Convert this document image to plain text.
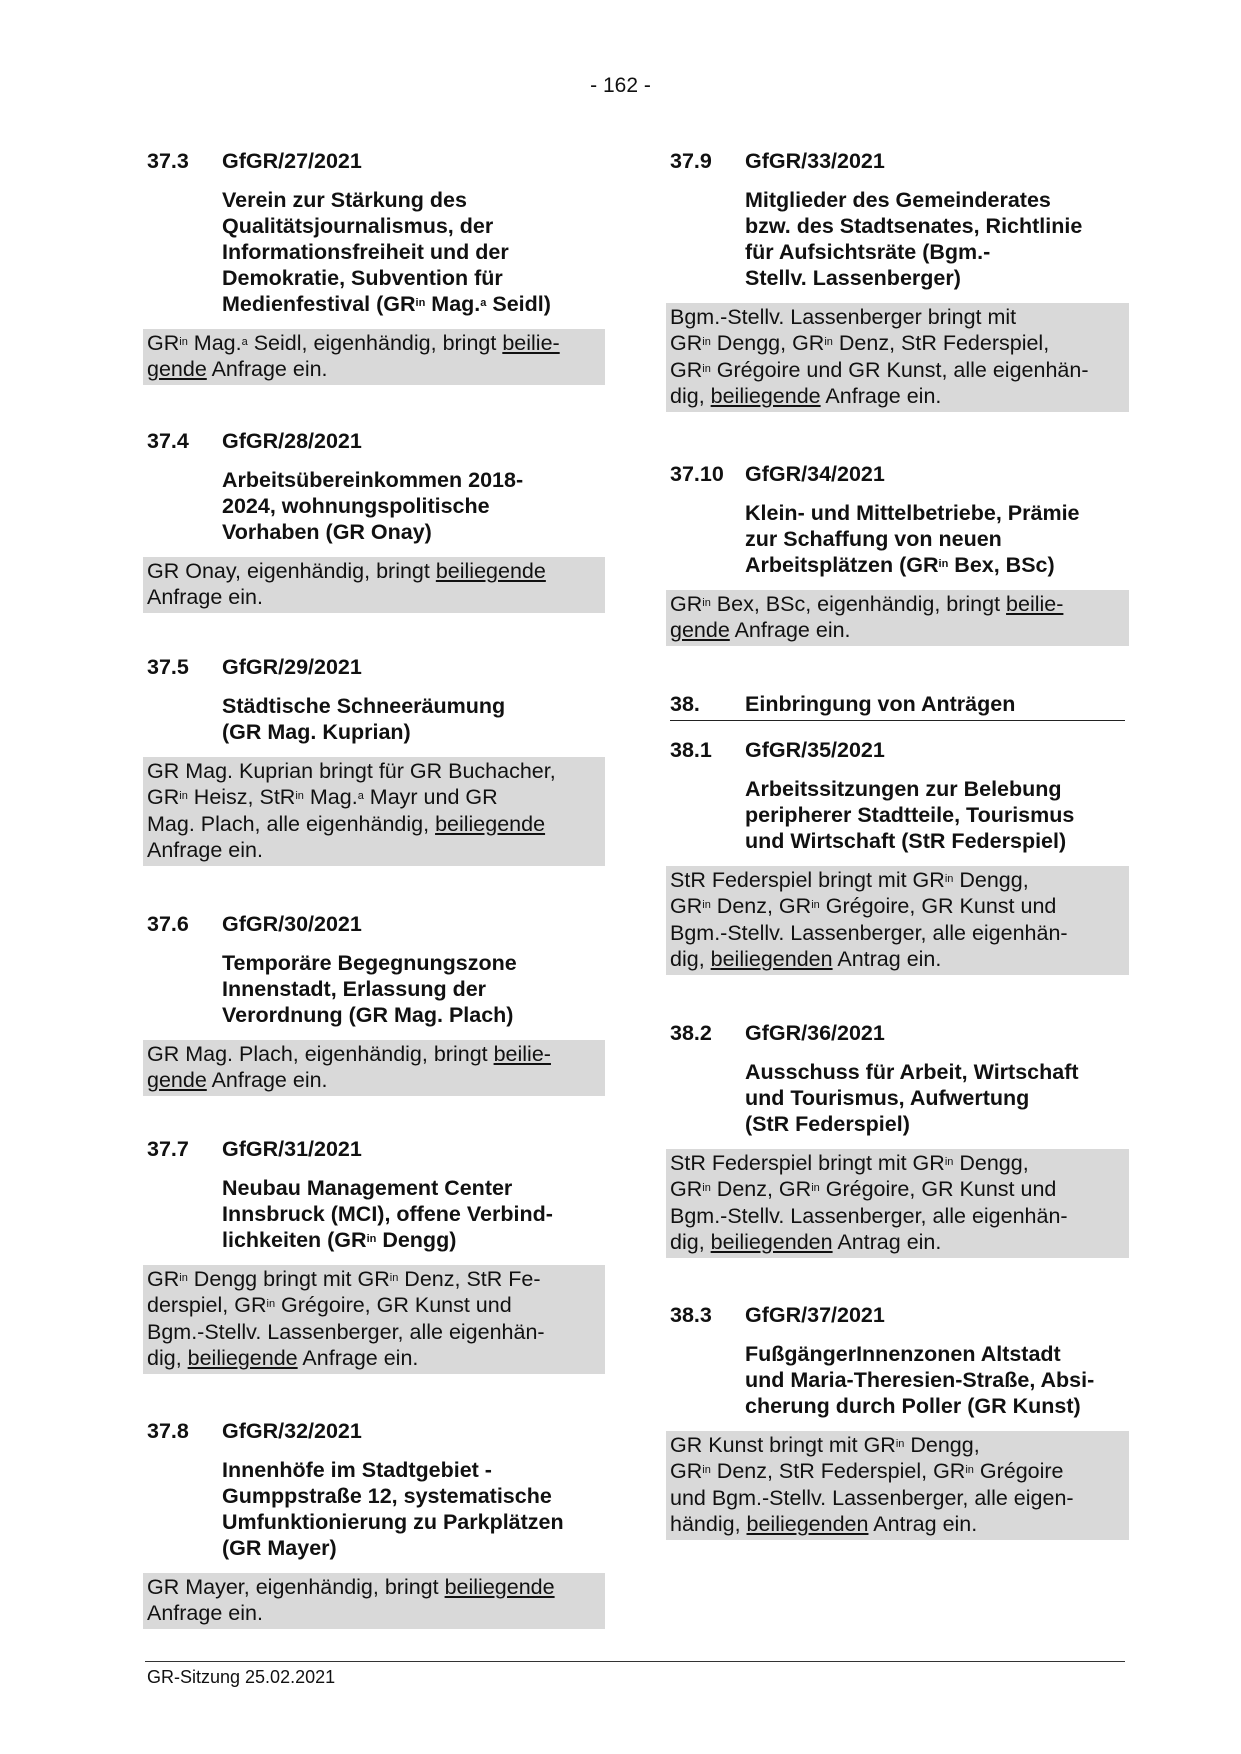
- 162 -
37.3	GfGR/27/2021
Verein zur Stärkung des
Qualitätsjournalismus, der
Informationsfreiheit und der
Demokratie, Subvention für
Medienfestival ($GR^{in}$ Mag.$^a$ Seidl)
$GR^{in}$ Mag.$^a$ Seidl, eigenhändig, bringt beilie-
gende Anfrage ein.
37.4	GfGR/28/2021
Arbeitsübereinkommen 2018-
2024, wohnungspolitische
Vorhaben (GR Onay)
GR Onay, eigenhändig, bringt beiliegende
Anfrage ein.
37.5	GfGR/29/2021
Städtische Schneeräumung
(GR Mag. Kuprian)
GR Mag. Kuprian bringt für GR Buchacher,
$GR^{in}$ Heisz, StR$^{in}$ Mag.$^a$ Mayr und GR
Mag. Plach, alle eigenhändig, beiliegende
Anfrage ein.
37.6	GfGR/30/2021
Temporäre Begegnungszone
Innenstadt, Erlassung der
Verordnung (GR Mag. Plach)
GR Mag. Plach, eigenhändig, bringt beilie-
gende Anfrage ein.
37.7	GfGR/31/2021
Neubau Management Center
Innsbruck (MCI), offene Verbind-
lichkeiten ($GR^{in}$ Dengg)
$GR^{in}$ Dengg bringt mit $GR^{in}$ Denz, StR Fe-
derspiel, $GR^{in}$ Grégoire, GR Kunst und
Bgm.-Stellv. Lassenberger, alle eigenhän-
dig, beiliegende Anfrage ein.
37.8	GfGR/32/2021
Innenhöfe im Stadtgebiet -
Gumppstraße 12, systematische
Umfunktionierung zu Parkplätzen
(GR Mayer)
GR Mayer, eigenhändig, bringt beiliegende
Anfrage ein.
37.9	GfGR/33/2021
Mitglieder des Gemeinderates
bzw. des Stadtsenates, Richtlinie
für Aufsichtsräte (Bgm.-
Stellv. Lassenberger)
Bgm.-Stellv. Lassenberger bringt mit
$GR^{in}$ Dengg, $GR^{in}$ Denz, StR Federspiel,
$GR^{in}$ Grégoire und GR Kunst, alle eigenhän-
dig, beiliegende Anfrage ein.
37.10 GfGR/34/2021
Klein- und Mittelbetriebe, Prämie
zur Schaffung von neuen
Arbeitsplätzen ($GR^{in}$ Bex, BSc)
$GR^{in}$ Bex, BSc, eigenhändig, bringt beilie-
gende Anfrage ein.
38.	Einbringung von Anträgen
38.1	GfGR/35/2021
Arbeitssitzungen zur Belebung
peripherer Stadtteile, Tourismus
und Wirtschaft (StR Federspiel)
StR Federspiel bringt mit $GR^{in}$ Dengg,
$GR^{in}$ Denz, $GR^{in}$ Grégoire, GR Kunst und
Bgm.-Stellv. Lassenberger, alle eigenhän-
dig, beiliegenden Antrag ein.
38.2	GfGR/36/2021
Ausschuss für Arbeit, Wirtschaft
und Tourismus, Aufwertung
(StR Federspiel)
StR Federspiel bringt mit $GR^{in}$ Dengg,
$GR^{in}$ Denz, $GR^{in}$ Grégoire, GR Kunst und
Bgm.-Stellv. Lassenberger, alle eigenhän-
dig, beiliegenden Antrag ein.
38.3	GfGR/37/2021
FußgängerInnenzonen Altstadt
und Maria-Theresien-Straße, Absi-
cherung durch Poller (GR Kunst)
GR Kunst bringt mit $GR^{in}$ Dengg,
$GR^{in}$ Denz, StR Federspiel, $GR^{in}$ Grégoire
und Bgm.-Stellv. Lassenberger, alle eigen-
händig, beiliegenden Antrag ein.
GR-Sitzung 25.02.2021
